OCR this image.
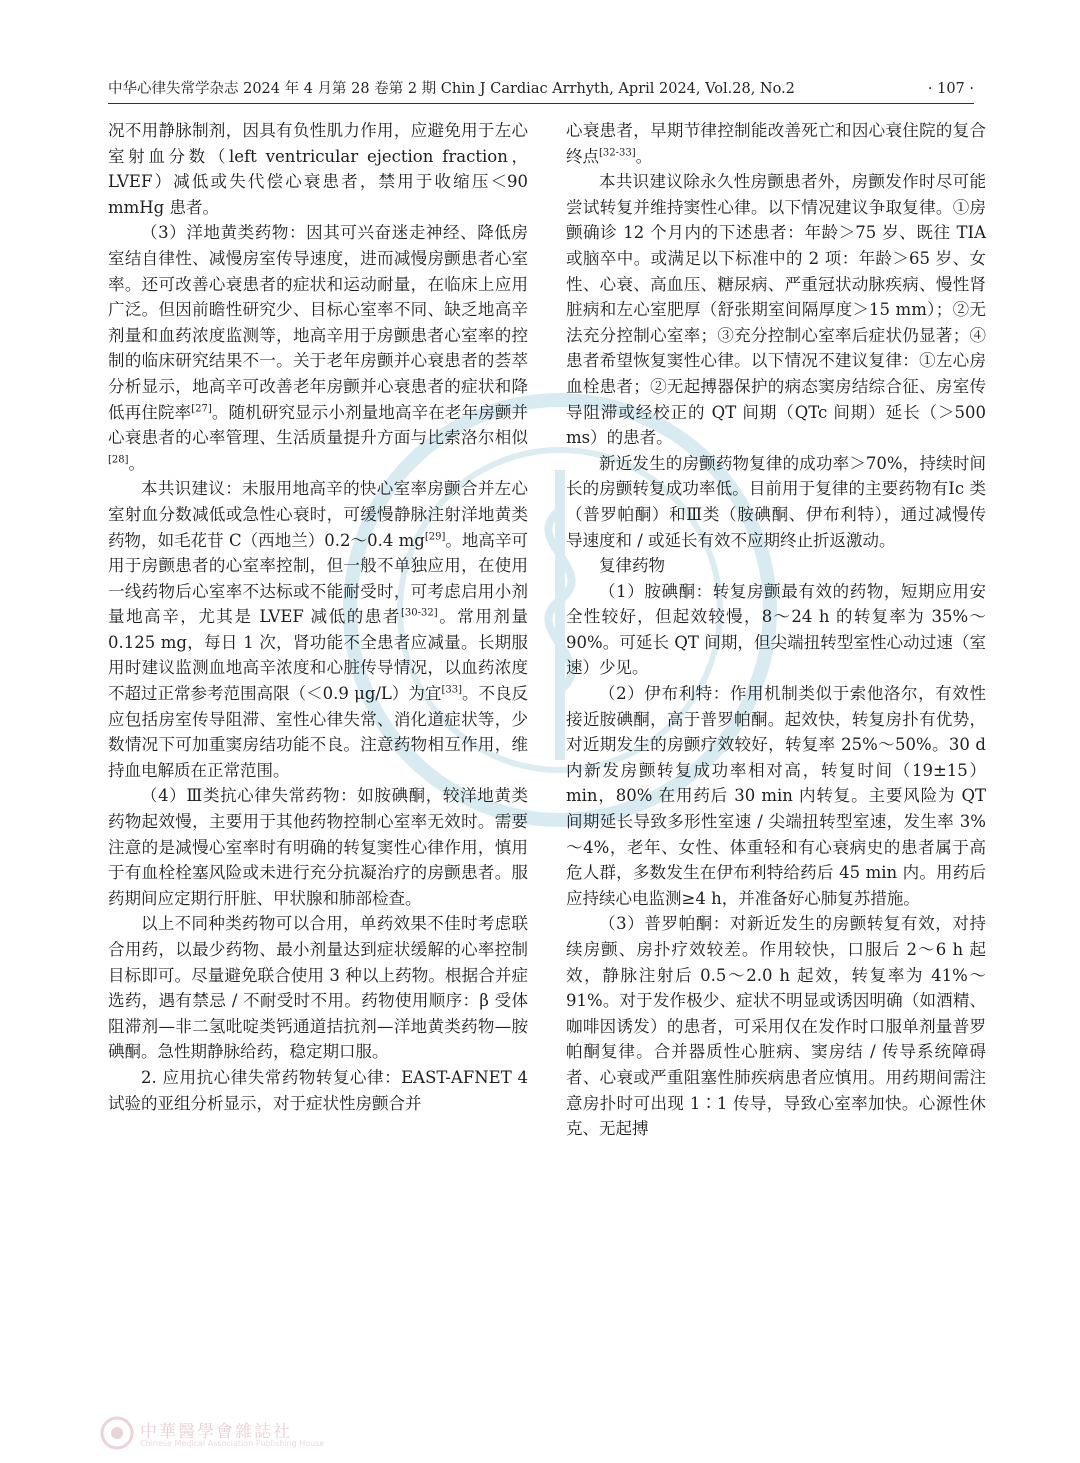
中华心律失常学杂志 2024 年 4 月第 28 卷第 2 期 Chin J Cardiac Arrhyth, April 2024, Vol.28, No.2	· 107 ·

况不用静脉制剂，因具有负性肌力作用，应避免用于左心室射血分数（left ventricular ejection fraction，LVEF）减低或失代偿心衰患者，禁用于收缩压＜90 mmHg 患者。

（3）洋地黄类药物：因其可兴奋迷走神经、降低房室结自律性、减慢房室传导速度，进而减慢房颤患者心室率。还可改善心衰患者的症状和运动耐量，在临床上应用广泛。但因前瞻性研究少、目标心室率不同、缺乏地高辛剂量和血药浓度监测等，地高辛用于房颤患者心室率的控制的临床研究结果不一。关于老年房颤并心衰患者的荟萃分析显示，地高辛可改善老年房颤并心衰患者的症状和降低再住院率[27]。随机研究显示小剂量地高辛在老年房颤并心衰患者的心率管理、生活质量提升方面与比索洛尔相似[28]。

本共识建议：未服用地高辛的快心室率房颤合并左心室射血分数减低或急性心衰时，可缓慢静脉注射洋地黄类药物，如毛花苷 C（西地兰）0.2～0.4 mg[29]。地高辛可用于房颤患者的心室率控制，但一般不单独应用，在使用一线药物后心室率不达标或不能耐受时，可考虑启用小剂量地高辛，尤其是 LVEF 减低的患者[30-32]。常用剂量 0.125 mg，每日 1 次，肾功能不全患者应减量。长期服用时建议监测血地高辛浓度和心脏传导情况，以血药浓度不超过正常参考范围高限（＜0.9 μg/L）为宜[33]。不良反应包括房室传导阻滞、室性心律失常、消化道症状等，少数情况下可加重窦房结功能不良。注意药物相互作用，维持血电解质在正常范围。

（4）Ⅲ类抗心律失常药物：如胺碘酮，较洋地黄类药物起效慢，主要用于其他药物控制心室率无效时。需要注意的是减慢心室率时有明确的转复窦性心律作用，慎用于有血栓栓塞风险或未进行充分抗凝治疗的房颤患者。服药期间应定期行肝脏、甲状腺和肺部检查。

以上不同种类药物可以合用，单药效果不佳时考虑联合用药，以最少药物、最小剂量达到症状缓解的心率控制目标即可。尽量避免联合使用 3 种以上药物。根据合并症选药，遇有禁忌 / 不耐受时不用。药物使用顺序：β 受体阻滞剂—非二氢吡啶类钙通道拮抗剂—洋地黄类药物—胺碘酮。急性期静脉给药，稳定期口服。

2. 应用抗心律失常药物转复心律：EAST-AFNET 4 试验的亚组分析显示，对于症状性房颤合并

心衰患者，早期节律控制能改善死亡和因心衰住院的复合终点[32-33]。

本共识建议除永久性房颤患者外，房颤发作时尽可能尝试转复并维持窦性心律。以下情况建议争取复律。①房颤确诊 12 个月内的下述患者：年龄＞75 岁、既往 TIA 或脑卒中。或满足以下标准中的 2 项：年龄＞65 岁、女性、心衰、高血压、糖尿病、严重冠状动脉疾病、慢性肾脏病和左心室肥厚（舒张期室间隔厚度＞15 mm）；②无法充分控制心室率；③充分控制心室率后症状仍显著；④患者希望恢复窦性心律。以下情况不建议复律：①左心房血栓患者；②无起搏器保护的病态窦房结综合征、房室传导阻滞或经校正的 QT 间期（QTc 间期）延长（＞500 ms）的患者。

新近发生的房颤药物复律的成功率＞70%，持续时间长的房颤转复成功率低。目前用于复律的主要药物有Ⅰc 类（普罗帕酮）和Ⅲ类（胺碘酮、伊布利特），通过减慢传导速度和 / 或延长有效不应期终止折返激动。

复律药物

（1）胺碘酮：转复房颤最有效的药物，短期应用安全性较好，但起效较慢，8～24 h 的转复率为 35%～90%。可延长 QT 间期，但尖端扭转型室性心动过速（室速）少见。

（2）伊布利特：作用机制类似于索他洛尔，有效性接近胺碘酮，高于普罗帕酮。起效快，转复房扑有优势，对近期发生的房颤疗效较好，转复率 25%～50%。30 d 内新发房颤转复成功率相对高，转复时间（19±15）min，80% 在用药后 30 min 内转复。主要风险为 QT 间期延长导致多形性室速 / 尖端扭转型室速，发生率 3%～4%，老年、女性、体重轻和有心衰病史的患者属于高危人群，多数发生在伊布利特给药后 45 min 内。用药后应持续心电监测≥4 h，并准备好心肺复苏措施。

（3）普罗帕酮：对新近发生的房颤转复有效，对持续房颤、房扑疗效较差。作用较快，口服后 2～6 h 起效，静脉注射后 0.5～2.0 h 起效，转复率为 41%～91%。对于发作极少、症状不明显或诱因明确（如酒精、咖啡因诱发）的患者，可采用仅在发作时口服单剂量普罗帕酮复律。合并器质性心脏病、窦房结 / 传导系统障碍者、心衰或严重阻塞性肺疾病患者应慎用。用药期间需注意房扑时可出现 1∶1 传导，导致心室率加快。心源性休克、无起搏

中華醫學會雜誌社
Chinese Medical Association Publishing House
